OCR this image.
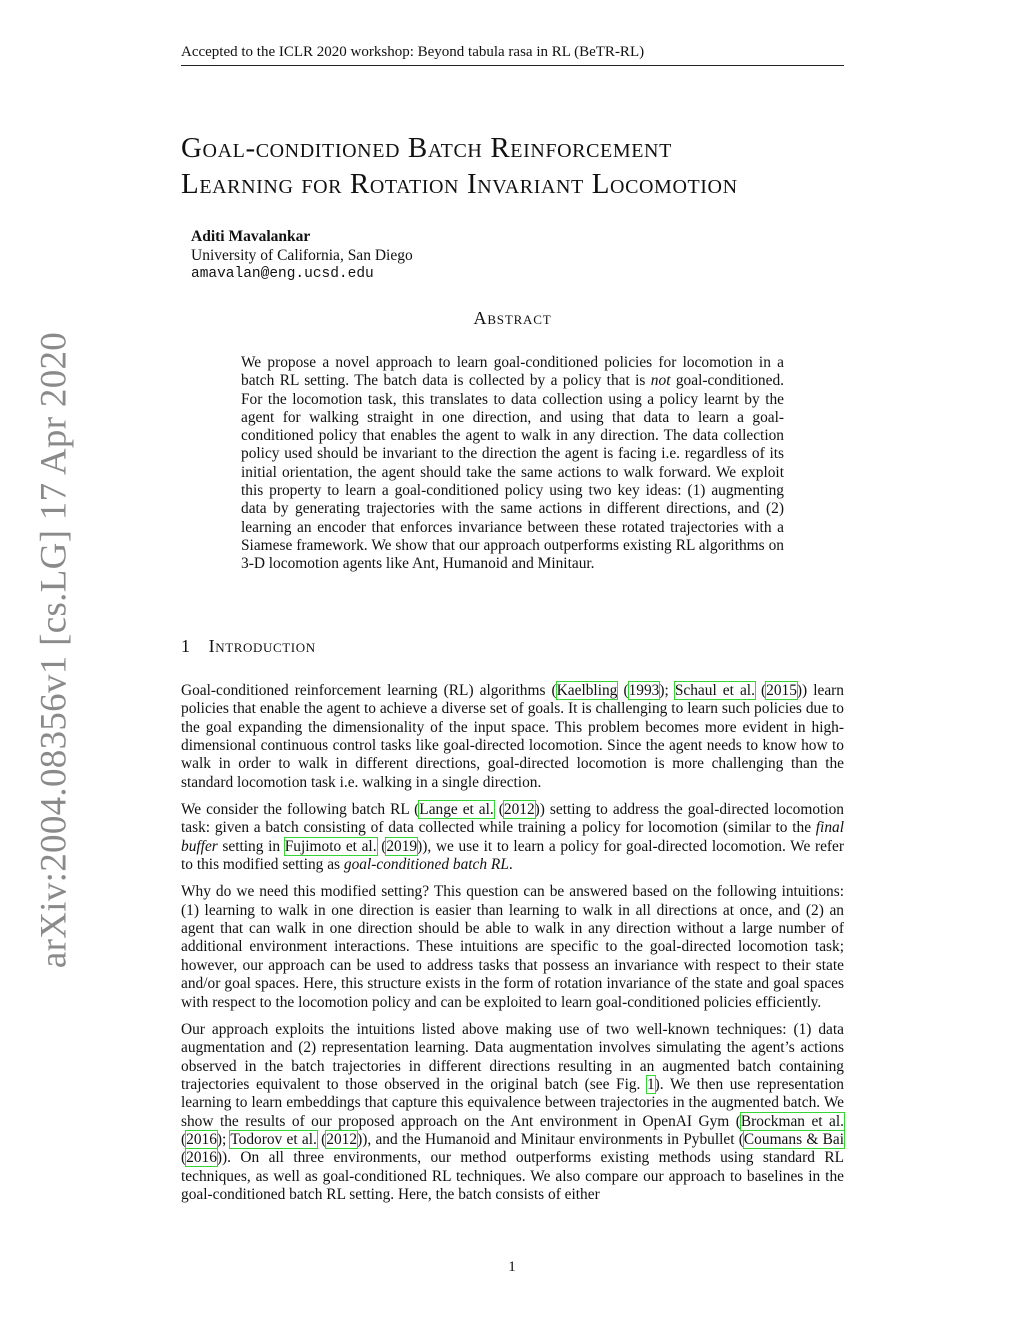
Accepted to the ICLR 2020 workshop: Beyond tabula rasa in RL (BeTR-RL)
arXiv:2004.08356v1 [cs.LG] 17 Apr 2020
Goal-conditioned Batch Reinforcement
Learning for Rotation Invariant Locomotion
Aditi Mavalankar
University of California, San Diego
amavalan@eng.ucsd.edu
Abstract
We propose a novel approach to learn goal-conditioned policies for locomotion in a batch RL setting. The batch data is collected by a policy that is not goal-conditioned. For the locomotion task, this translates to data collection using a policy learnt by the agent for walking straight in one direction, and using that data to learn a goal-conditioned policy that enables the agent to walk in any direction. The data collection policy used should be invariant to the direction the agent is facing i.e. regardless of its initial orientation, the agent should take the same actions to walk forward. We exploit this property to learn a goal-conditioned policy using two key ideas: (1) augmenting data by generating trajectories with the same actions in different directions, and (2) learning an encoder that enforces invariance between these rotated trajectories with a Siamese framework. We show that our approach outperforms existing RL algorithms on 3-D locomotion agents like Ant, Humanoid and Minitaur.
1 Introduction

Goal-conditioned reinforcement learning (RL) algorithms (Kaelbling (1993); Schaul et al. (2015)) learn policies that enable the agent to achieve a diverse set of goals. It is challenging to learn such policies due to the goal expanding the dimensionality of the input space. This problem becomes more evident in high-dimensional continuous control tasks like goal-directed locomotion. Since the agent needs to know how to walk in order to walk in different directions, goal-directed locomotion is more challenging than the standard locomotion task i.e. walking in a single direction.

We consider the following batch RL (Lange et al. (2012)) setting to address the goal-directed locomotion task: given a batch consisting of data collected while training a policy for locomotion (similar to the final buffer setting in Fujimoto et al. (2019)), we use it to learn a policy for goal-directed locomotion. We refer to this modified setting as goal-conditioned batch RL.

Why do we need this modified setting? This question can be answered based on the following intuitions: (1) learning to walk in one direction is easier than learning to walk in all directions at once, and (2) an agent that can walk in one direction should be able to walk in any direction without a large number of additional environment interactions. These intuitions are specific to the goal-directed locomotion task; however, our approach can be used to address tasks that possess an invariance with respect to their state and/or goal spaces. Here, this structure exists in the form of rotation invariance of the state and goal spaces with respect to the locomotion policy and can be exploited to learn goal-conditioned policies efficiently.

Our approach exploits the intuitions listed above making use of two well-known techniques: (1) data augmentation and (2) representation learning. Data augmentation involves simulating the agent’s actions observed in the batch trajectories in different directions resulting in an augmented batch containing trajectories equivalent to those observed in the original batch (see Fig. 1). We then use representation learning to learn embeddings that capture this equivalence between trajectories in the augmented batch. We show the results of our proposed approach on the Ant environment in OpenAI Gym (Brockman et al. (2016); Todorov et al. (2012)), and the Humanoid and Minitaur environments in Pybullet (Coumans & Bai (2016)). On all three environments, our method outperforms existing methods using standard RL techniques, as well as goal-conditioned RL techniques. We also compare our approach to baselines in the goal-conditioned batch RL setting. Here, the batch consists of either

1
